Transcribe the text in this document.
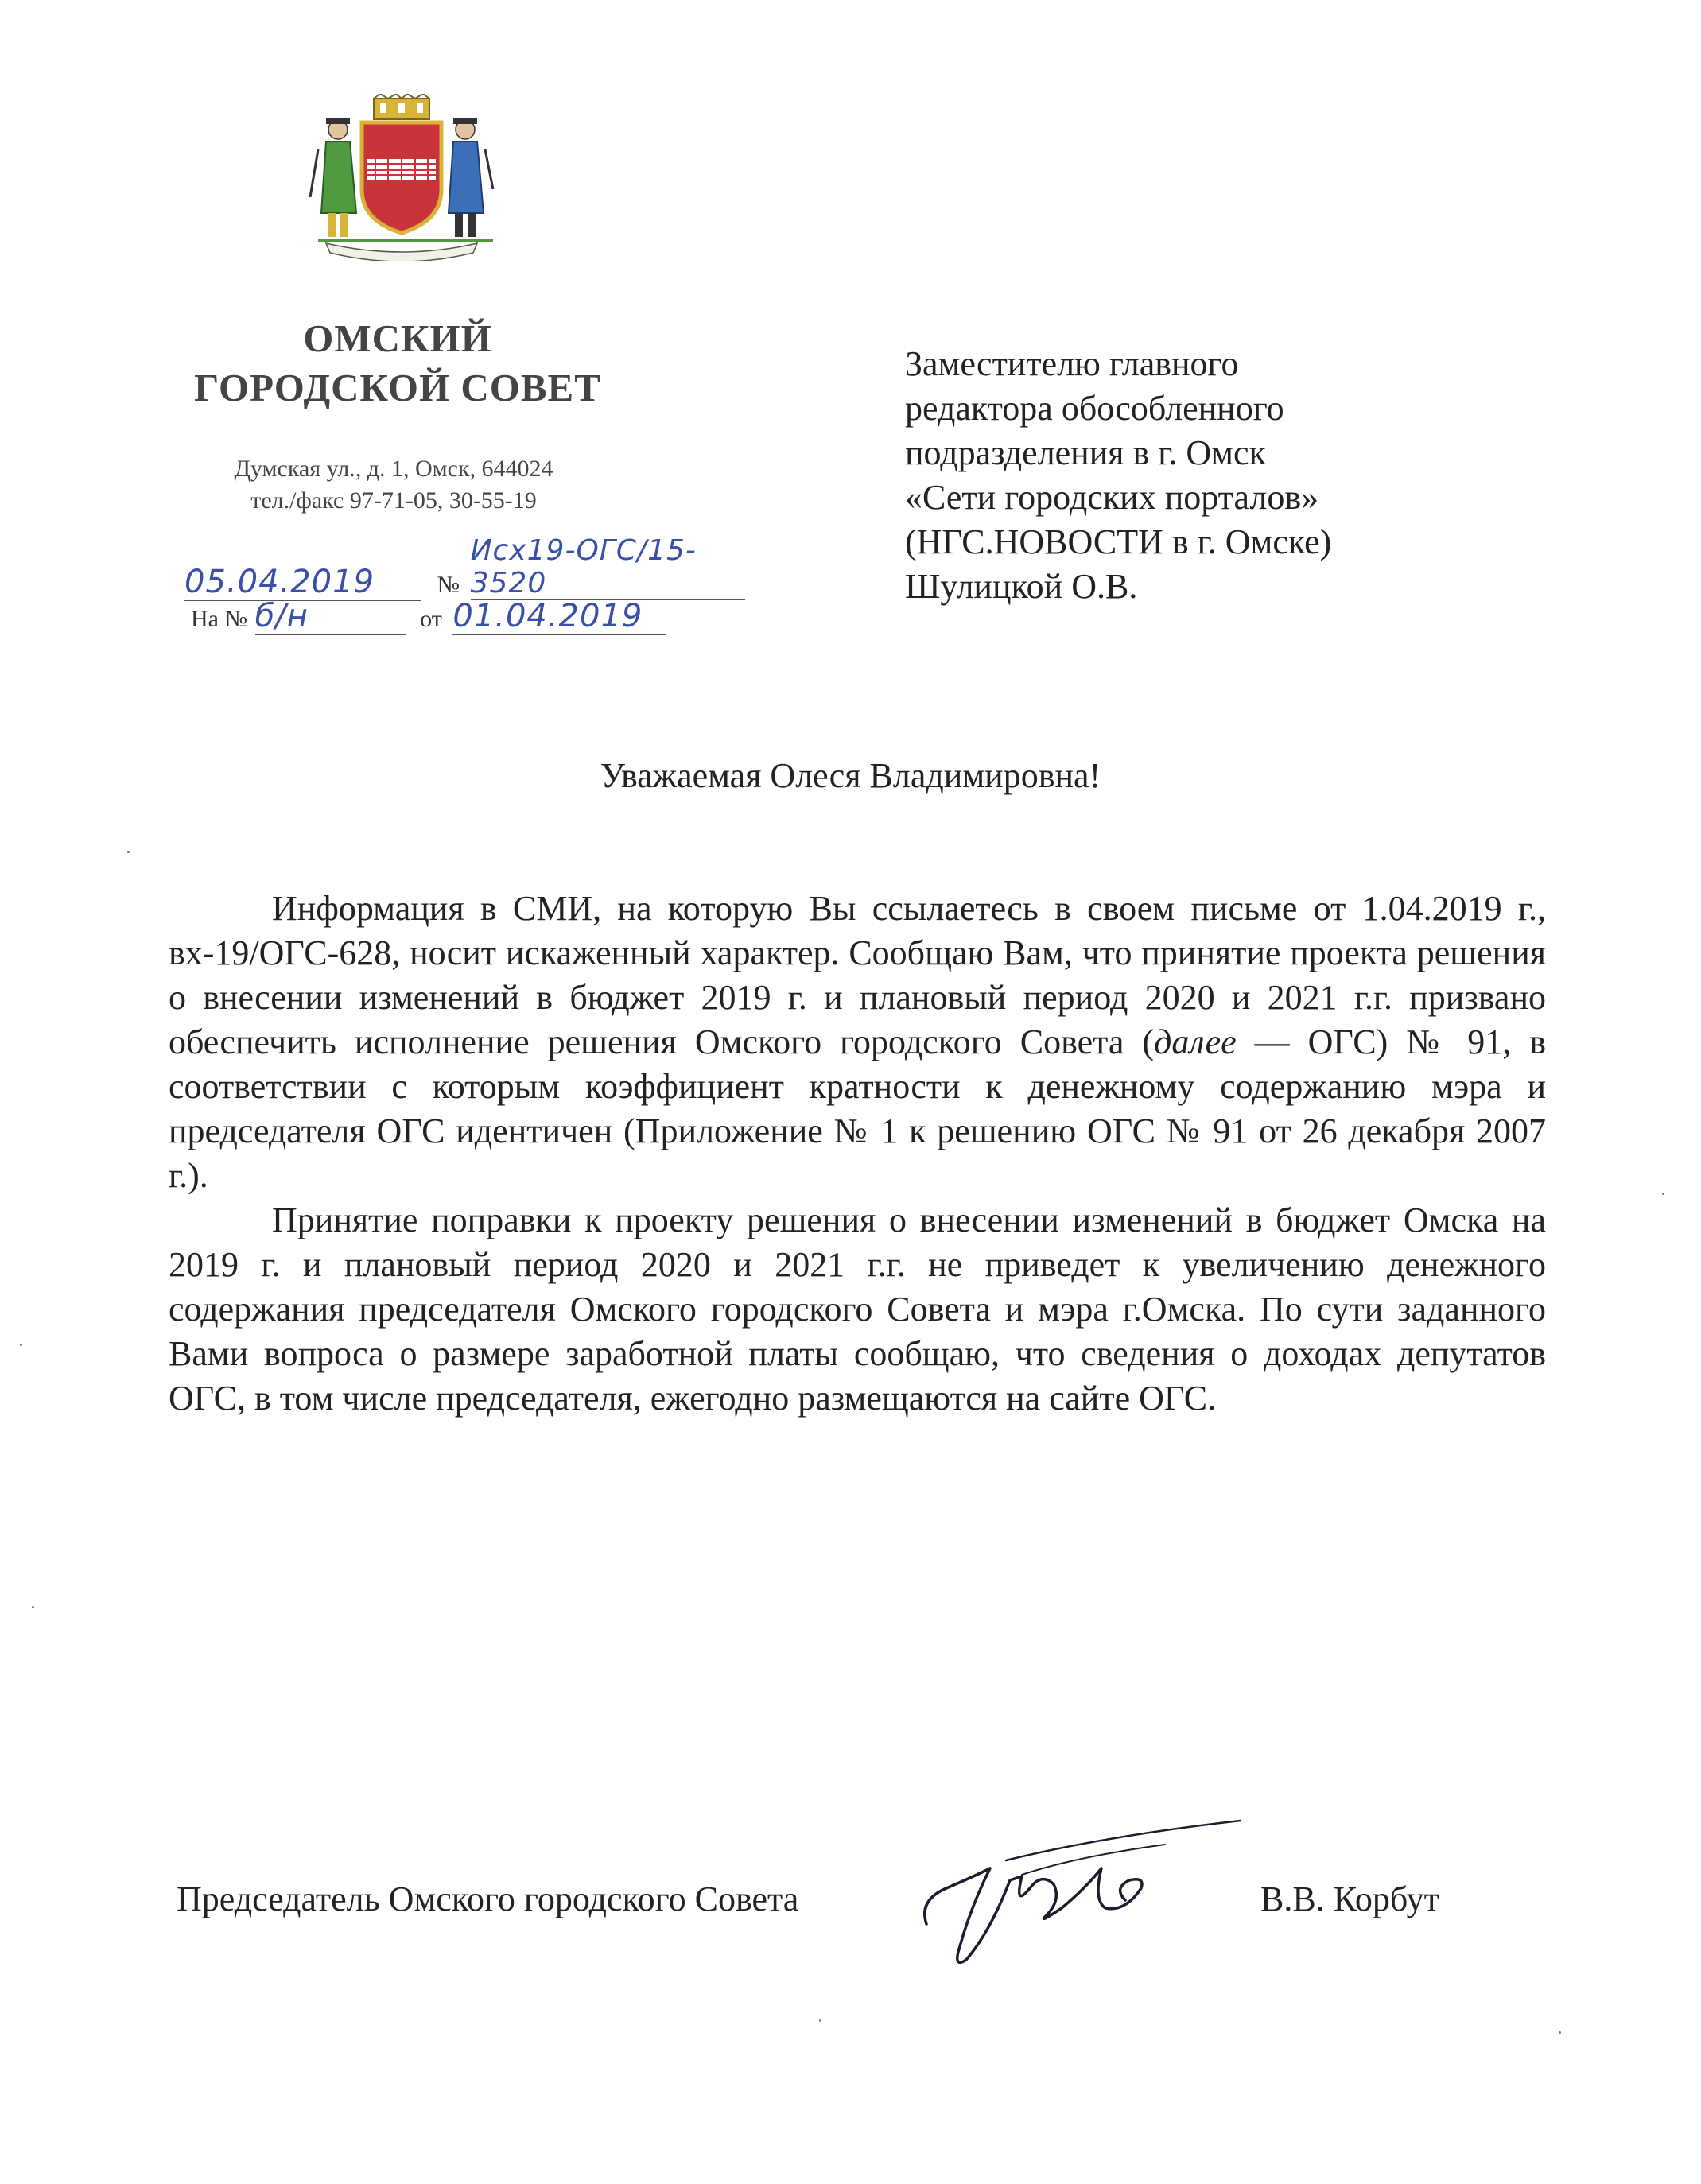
ОМСКИЙ
ГОРОДСКОЙ СОВЕТ
Думская ул., д. 1, Омск, 644024
тел./факс 97-71-05, 30-55-19
05.04.2019	№ Исх19-ОГС/15-3520
На № б/н	от 01.04.2019
Заместителю главного
редактора обособленного
подразделения в г. Омск
«Сети городских порталов»
(НГС.НОВОСТИ в г. Омске)
Шулицкой О.В.
Уважаемая Олеся Владимировна!

Информация в СМИ, на которую Вы ссылаетесь в своем письме от 1.04.2019 г., вх-19/ОГС-628, носит искаженный характер. Сообщаю Вам, что принятие проекта решения о внесении изменений в бюджет 2019 г. и плановый период 2020 и 2021 г.г. призвано обеспечить исполнение решения Омского городского Совета (далее — ОГС) № 91, в соответствии с которым коэффициент кратности к денежному содержанию мэра и председателя ОГС идентичен (Приложение № 1 к решению ОГС № 91 от 26 декабря 2007 г.).

Принятие поправки к проекту решения о внесении изменений в бюджет Омска на 2019 г. и плановый период 2020 и 2021 г.г. не приведет к увеличению денежного содержания председателя Омского городского Совета и мэра г.Омска. По сути заданного Вами вопроса о размере заработной платы сообщаю, что сведения о доходах депутатов ОГС, в том числе председателя, ежегодно размещаются на сайте ОГС.

Председатель Омского городского Совета	В.В. Корбут
